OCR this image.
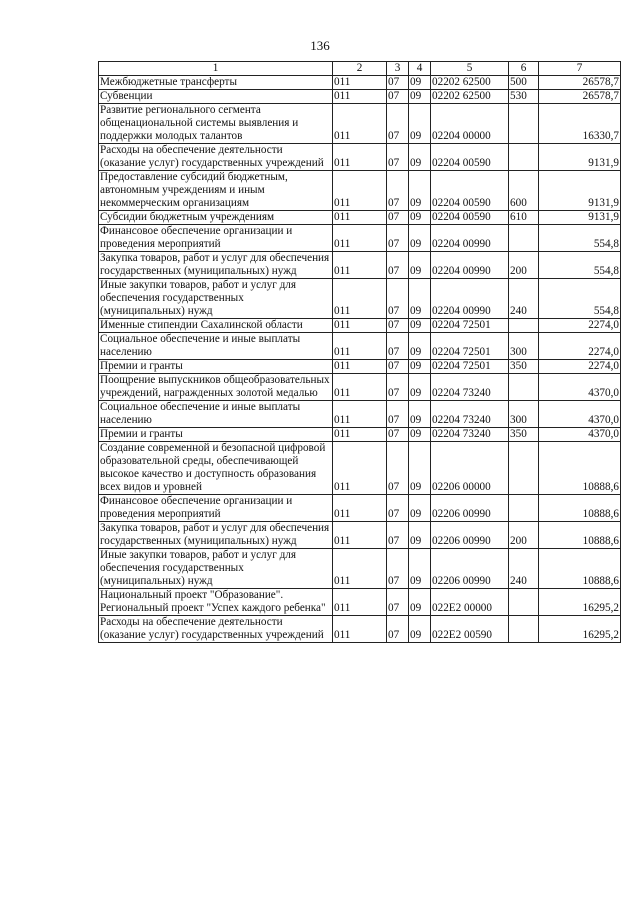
136
1	2	3	4	5	6	7
Межбюджетные трансферты	011	07	09	02202 62500	500	26578,7
Субвенции	011	07	09	02202 62500	530	26578,7
Развитие регионального сегмента общенациональной системы выявления и поддержки молодых талантов	011	07	09	02204 00000		16330,7
Расходы на обеспечение деятельности (оказание услуг) государственных учреждений	011	07	09	02204 00590		9131,9
Предоставление субсидий бюджетным, автономным учреждениям и иным некоммерческим организациям	011	07	09	02204 00590	600	9131,9
Субсидии бюджетным учреждениям	011	07	09	02204 00590	610	9131,9
Финансовое обеспечение организации и проведения мероприятий	011	07	09	02204 00990		554,8
Закупка товаров, работ и услуг для обеспечения государственных (муниципальных) нужд	011	07	09	02204 00990	200	554,8
Иные закупки товаров, работ и услуг для обеспечения государственных (муниципальных) нужд	011	07	09	02204 00990	240	554,8
Именные стипендии Сахалинской области	011	07	09	02204 72501		2274,0
Социальное обеспечение и иные выплаты населению	011	07	09	02204 72501	300	2274,0
Премии и гранты	011	07	09	02204 72501	350	2274,0
Поощрение выпускников общеобразовательных учреждений, награжденных золотой медалью	011	07	09	02204 73240		4370,0
Социальное обеспечение и иные выплаты населению	011	07	09	02204 73240	300	4370,0
Премии и гранты	011	07	09	02204 73240	350	4370,0
Создание современной и безопасной цифровой образовательной среды, обеспечивающей высокое качество и доступность образования всех видов и уровней	011	07	09	02206 00000		10888,6
Финансовое обеспечение организации и проведения мероприятий	011	07	09	02206 00990		10888,6
Закупка товаров, работ и услуг для обеспечения государственных (муниципальных) нужд	011	07	09	02206 00990	200	10888,6
Иные закупки товаров, работ и услуг для обеспечения государственных (муниципальных) нужд	011	07	09	02206 00990	240	10888,6
Национальный проект "Образование". Региональный проект "Успех каждого ребенка"	011	07	09	022E2 00000		16295,2
Расходы на обеспечение деятельности (оказание услуг) государственных учреждений	011	07	09	022E2 00590		16295,2
